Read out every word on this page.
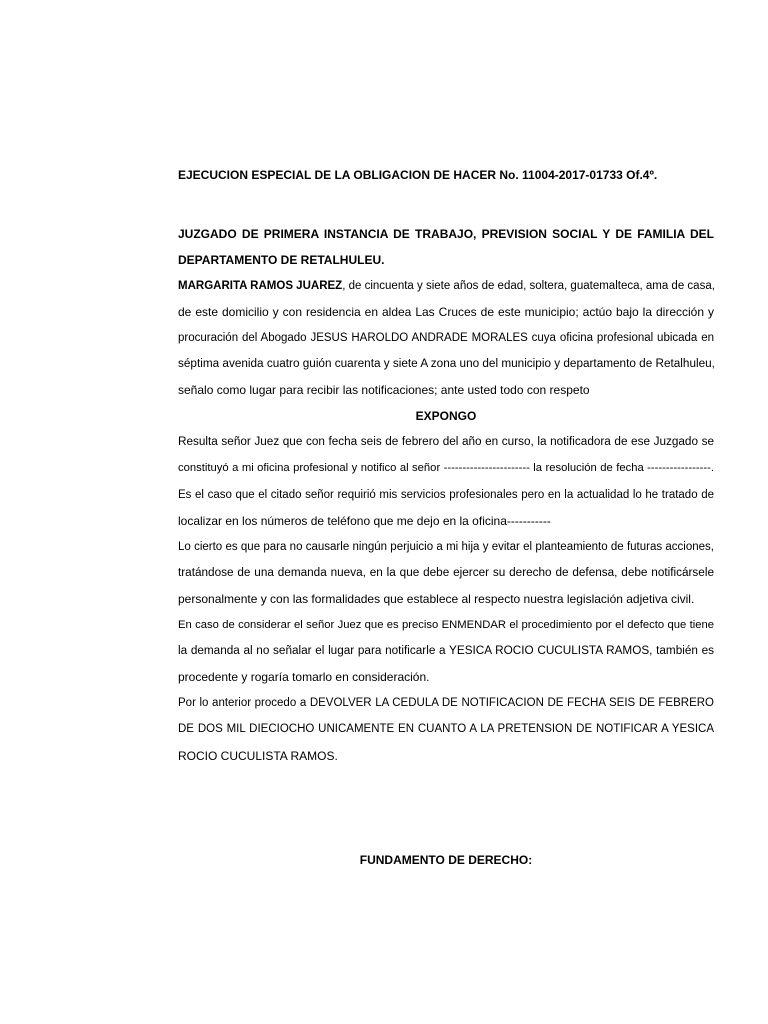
EJECUCION ESPECIAL DE LA OBLIGACION DE HACER No. 11004-2017-01733 Of.4º.
JUZGADO DE PRIMERA INSTANCIA DE TRABAJO, PREVISION SOCIAL Y DE FAMILIA DEL
DEPARTAMENTO DE RETALHULEU.
MARGARITA RAMOS JUAREZ, de cincuenta y siete años de edad, soltera, guatemalteca, ama de casa,
de este domicilio y con residencia en aldea Las Cruces de este municipio; actúo bajo la dirección y
procuración del Abogado JESUS HAROLDO ANDRADE MORALES cuya oficina profesional ubicada en
séptima avenida cuatro guión cuarenta y siete A zona uno del municipio y departamento de Retalhuleu,
señalo como lugar para recibir las notificaciones; ante usted todo con respeto
EXPONGO
Resulta señor Juez que con fecha seis de febrero del año en curso, la notificadora de ese Juzgado se
constituyó a mi oficina profesional y notifico al señor ----------------------- la resolución de fecha -----------------.
Es el caso que el citado señor requirió mis servicios profesionales pero en la actualidad lo he tratado de
localizar en los números de teléfono que me dejo en la oficina-----------
Lo cierto es que para no causarle ningún perjuicio a mi hija y evitar el planteamiento de futuras acciones,
tratándose de una demanda nueva, en la que debe ejercer su derecho de defensa, debe notificársele
personalmente y con las formalidades que establece al respecto nuestra legislación adjetiva civil.
En caso de considerar el señor Juez que es preciso ENMENDAR el procedimiento por el defecto que tiene
la demanda al no señalar el lugar para notificarle a YESICA ROCIO CUCULISTA RAMOS, también es
procedente y rogaría tomarlo en consideración.
Por lo anterior procedo a DEVOLVER LA CEDULA DE NOTIFICACION DE FECHA SEIS DE FEBRERO
DE DOS MIL DIECIOCHO UNICAMENTE EN CUANTO A LA PRETENSION DE NOTIFICAR A YESICA
ROCIO CUCULISTA RAMOS.
FUNDAMENTO DE DERECHO:
